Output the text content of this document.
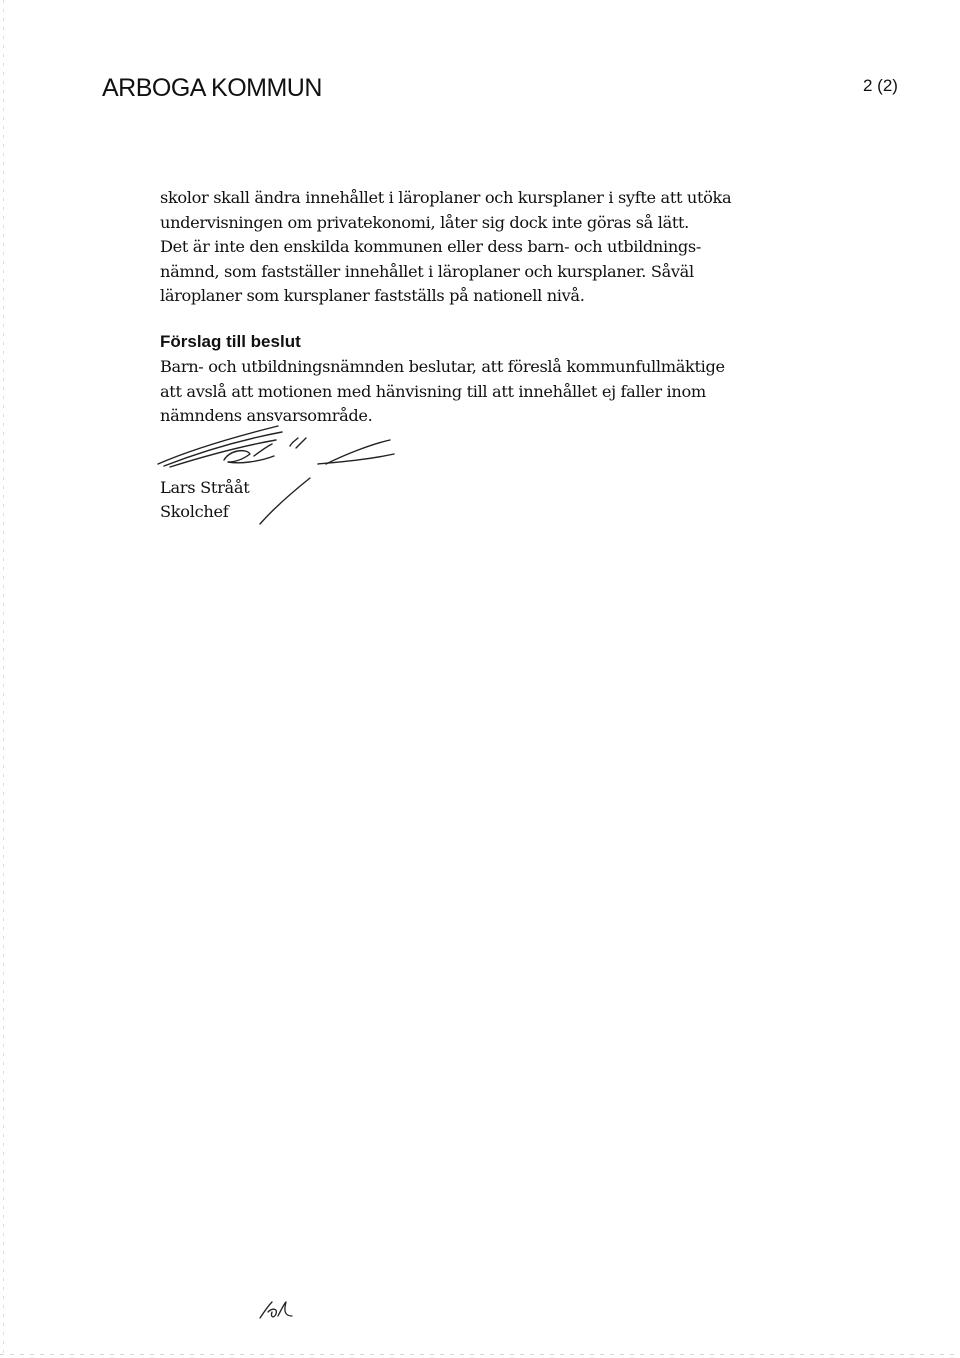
ARBOGA KOMMUN	2 (2)
skolor skall ändra innehållet i läroplaner och kursplaner i syfte att utöka
undervisningen om privatekonomi, låter sig dock inte göras så lätt.
Det är inte den enskilda kommunen eller dess barn- och utbildnings-
nämnd, som fastställer innehållet i läroplaner och kursplaner. Såväl
läroplaner som kursplaner fastställs på nationell nivå.
Förslag till beslut
Barn- och utbildningsnämnden beslutar, att föreslå kommunfullmäktige
att avslå att motionen med hänvisning till att innehållet ej faller inom
nämndens ansvarsområde.
Lars Strååt
Skolchef
